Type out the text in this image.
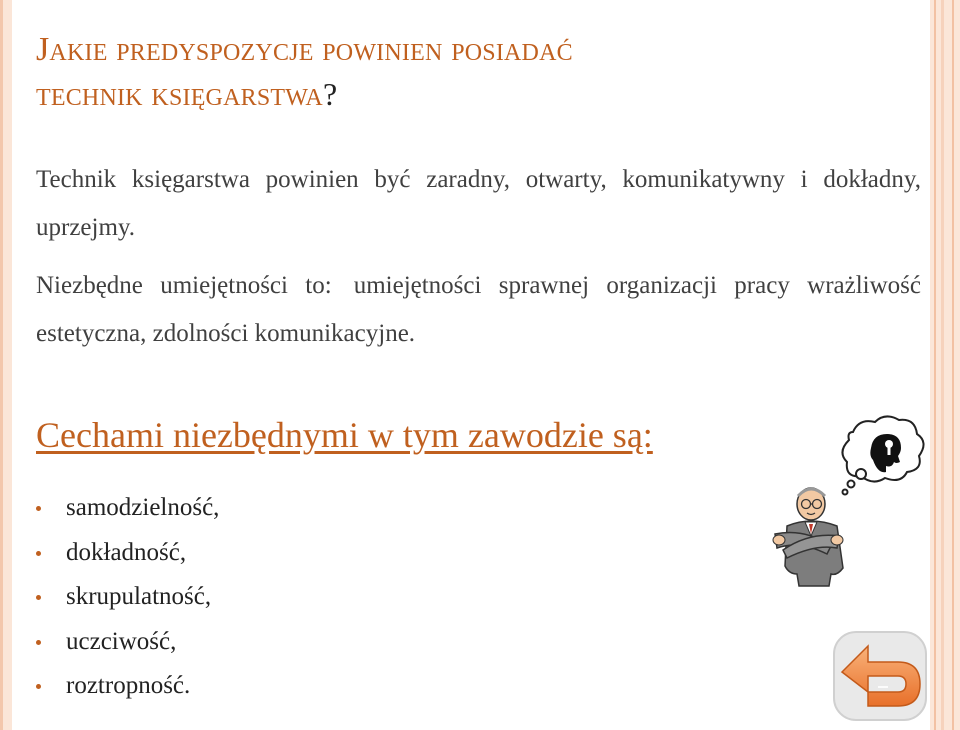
Jakie predyspozycje powinien posiadać
technik księgarstwa?
Technik księgarstwa powinien być zaradny, otwarty, komunikatywny i dokładny, uprzejmy.
Niezbędne umiejętności to: umiejętności sprawnej organizacji pracy wrażliwość estetyczna, zdolności komunikacyjne.
Cechami niezbędnymi w tym zawodzie są:
samodzielność,
dokładność,
skrupulatność,
uczciwość,
roztropność.
